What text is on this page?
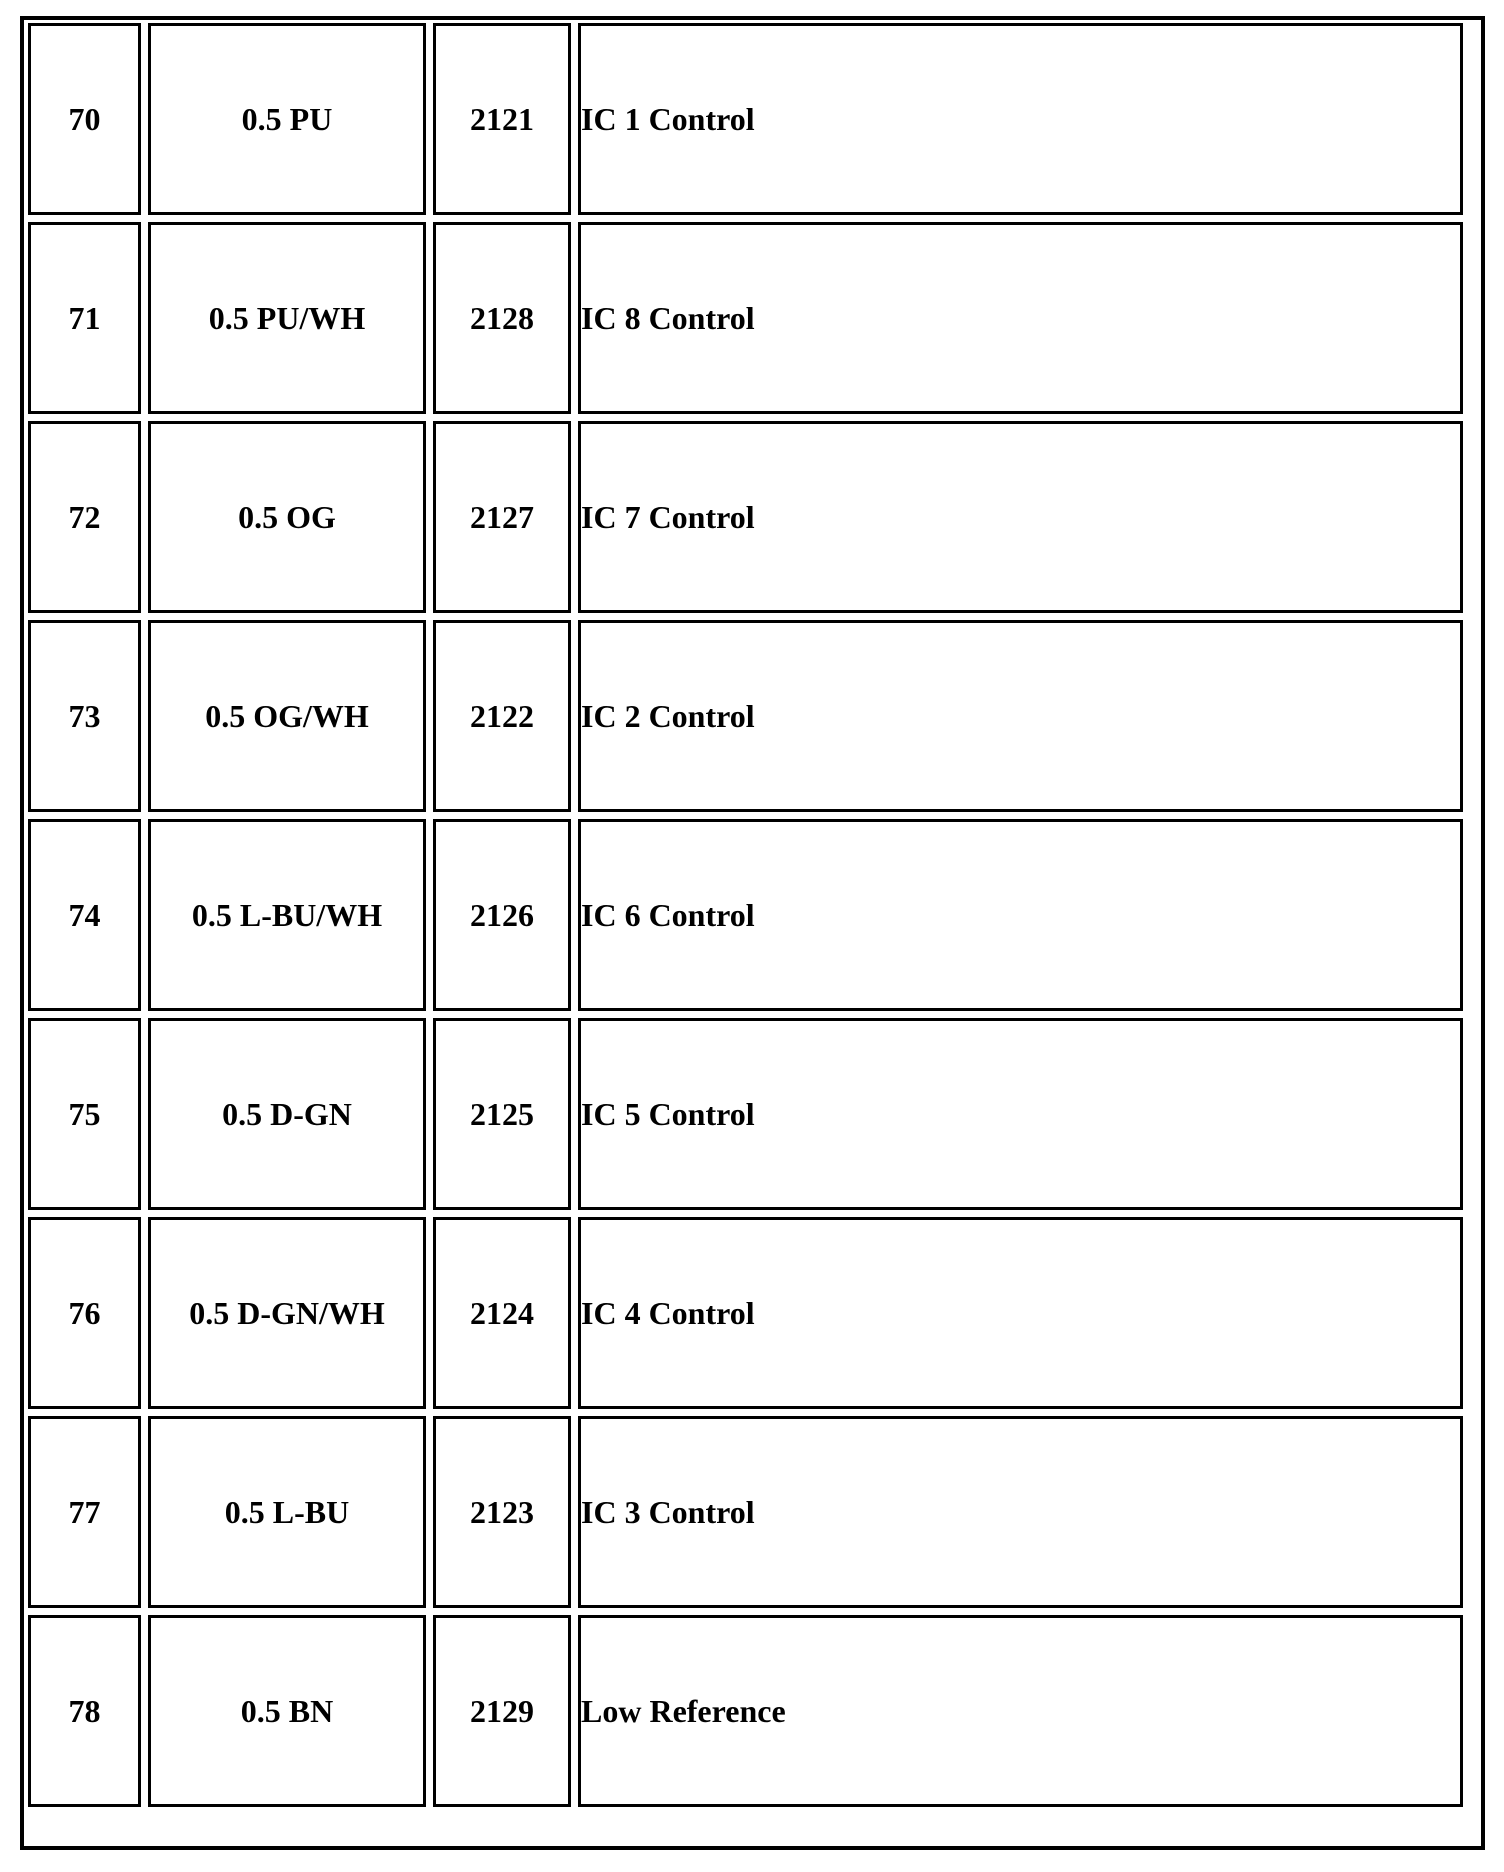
70	0.5 PU	2121	IC 1 Control
71	0.5 PU/WH	2128	IC 8 Control
72	0.5 OG	2127	IC 7 Control
73	0.5 OG/WH	2122	IC 2 Control
74	0.5 L-BU/WH	2126	IC 6 Control
75	0.5 D-GN	2125	IC 5 Control
76	0.5 D-GN/WH	2124	IC 4 Control
77	0.5 L-BU	2123	IC 3 Control
78	0.5 BN	2129	Low Reference
